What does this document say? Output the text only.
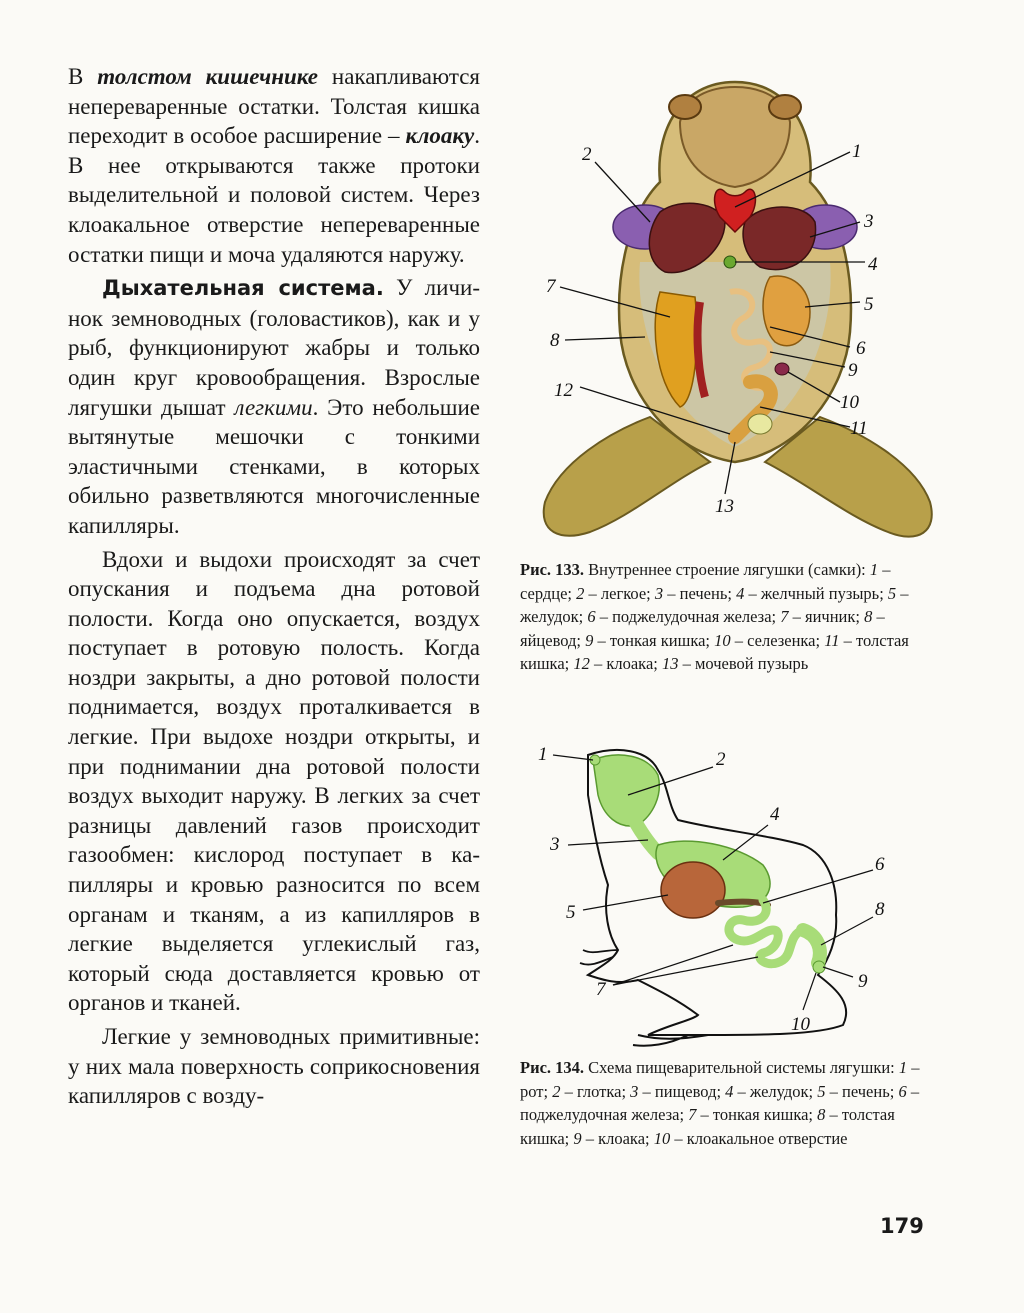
В толстом кишечнике накапливаются непереваренные остатки. Толстая кишка переходит в особое расширение – клоаку. В нее открываются также протоки выделительной и половой систем. Через клоакальное отверстие непереваренные остатки пищи и моча удаляются наружу.

Дыхательная система. У личинок земноводных (головастиков), как и у рыб, функционируют жабры и только один круг кровообращения. Взрослые лягушки дышат легкими. Это небольшие вытянутые мешочки с тонкими эластичными стенками, в которых обильно разветвляются многочисленные капилляры.

Вдохи и выдохи происходят за счет опускания и подъема дна ротовой полости. Когда оно опускается, воздух поступает в ротовую полость. Когда ноздри закрыты, а дно ротовой полости поднимается, воздух проталкивается в легкие. При выдохе ноздри открыты, и при поднимании дна ротовой полости воздух выходит наружу. В легких за счет разницы давлений газов происходит газообмен: кислород поступает в капилляры и кровью разносится по всем органам и тканям, а из капилляров в легкие выделяется углекислый газ, который сюда доставляется кровью от органов и тканей.

Легкие у земноводных примитивные: у них мала поверхность соприкосновения капилляров с возду-

1
2
3
4
5
6
7
8
9
10
11
12
13
Рис. 133. Внутреннее строение лягушки (самки): 1 – сердце; 2 – легкое; 3 – печень; 4 – желчный пузырь; 5 – желудок; 6 – поджелудочная железа; 7 – яичник; 8 – яйцевод; 9 – тонкая кишка; 10 – селезенка; 11 – толстая кишка; 12 – клоака; 13 – мочевой пузырь
1	2
3
4
5
6
7
8
9
10
Рис. 134. Схема пищеварительной системы лягушки: 1 – рот; 2 – глотка; 3 – пищевод; 4 – желудок; 5 – печень; 6 – поджелудочная железа; 7 – тонкая кишка; 8 – толстая кишка; 9 – клоака; 10 – клоакальное отверстие
179
